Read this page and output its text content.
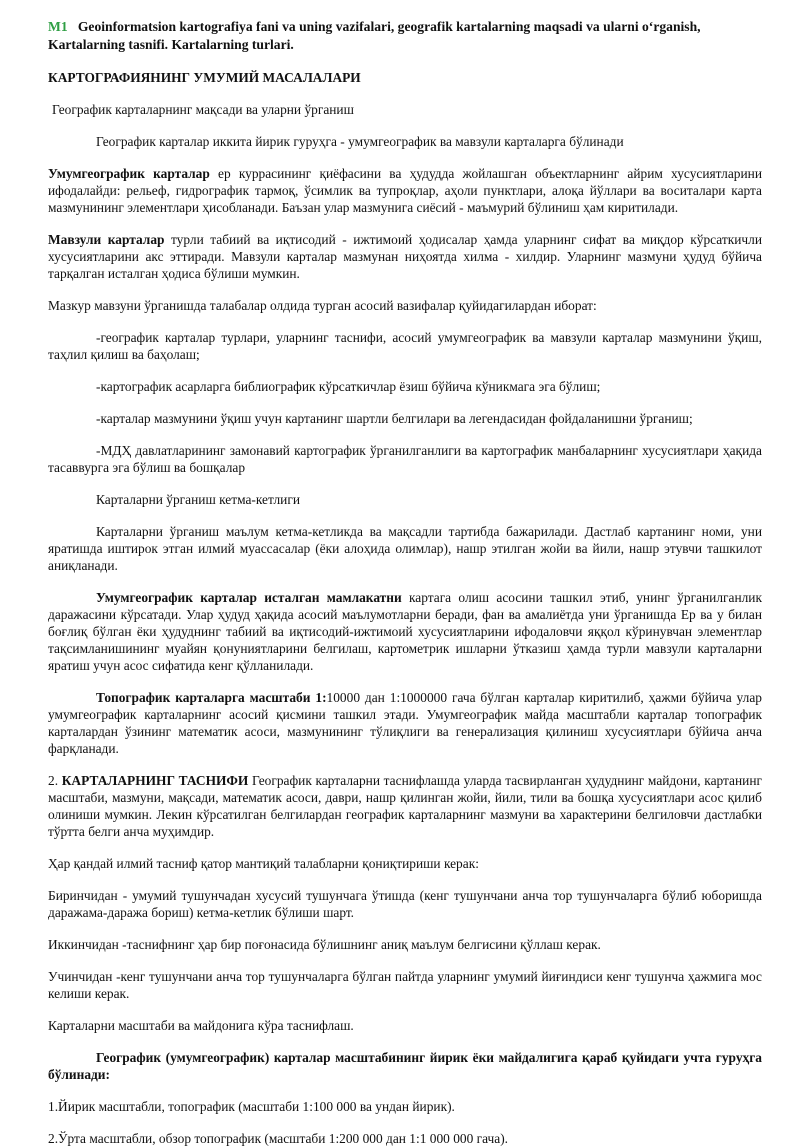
M1 Geoinformatsion kartografiya fani va uning vazifalari, geografik kartalarning maqsadi va ularni oʻrganish, Kartalarning tasnifi. Kartalarning turlari.

КАРТОГРАФИЯНИНГ УМУМИЙ МАСАЛАЛАРИ

Географик карталарнинг мақсади ва уларни ўрганиш

Географик карталар иккита йирик гуруҳга - умумгеографик ва мавзули карталарга бўлинади

Умумгеографик карталар ер куррасининг қиёфасини ва ҳудудда жойлашган объектларнинг айрим хусусиятларини ифодалайди: рельеф, гидрографик тармоқ, ўсимлик ва тупроқлар, аҳоли пунктлари, алоқа йўллари ва воситалари карта мазмунининг элементлари ҳисобланади. Баъзан улар мазмунига сиёсий - маъмурий бўлиниш ҳам киритилади.

Мавзули карталар турли табиий ва иқтисодий - ижтимоий ҳодисалар ҳамда уларнинг сифат ва миқдор кўрсаткичли хусусиятларини акс эттиради. Мавзули карталар мазмунан ниҳоятда хилма - хилдир. Уларнинг мазмуни ҳудуд бўйича тарқалган исталган ҳодиса бўлиши мумкин.

Мазкур мавзуни ўрганишда талабалар олдида турган асосий вазифалар қуйидагилардан иборат:

-географик карталар турлари, уларнинг таснифи, асосий умумгеографик ва мавзули карталар мазмунини ўқиш, таҳлил қилиш ва баҳолаш;

-картографик асарларга библиографик кўрсаткичлар ёзиш бўйича кўникмага эга бўлиш;

-карталар мазмунини ўқиш учун картанинг шартли белгилари ва легендасидан фойдаланишни ўрганиш;

-МДҲ давлатларининг замонавий картографик ўрганилганлиги ва картографик манбаларнинг хусусиятлари ҳақида тасаввурга эга бўлиш ва бошқалар

Карталарни ўрганиш кетма-кетлиги

Карталарни ўрганиш маълум кетма-кетликда ва мақсадли тартибда бажарилади. Дастлаб картанинг номи, уни яратишда иштирок этган илмий муассасалар (ёки алоҳида олимлар), нашр этилган жойи ва йили, нашр этувчи ташкилот аниқланади.

Умумгеографик карталар исталган мамлакатни картага олиш асосини ташкил этиб, унинг ўрганилганлик даражасини кўрсатади. Улар ҳудуд ҳақида асосий маълумотларни беради, фан ва амалиётда уни ўрганишда Ер ва у билан боғлиқ бўлган ёки ҳудуднинг табиий ва иқтисодий-ижтимоий хусусиятларини ифодаловчи яққол кўринувчан элементлар тақсимланишининг муайян қонуниятларини белгилаш, картометрик ишларни ўтказиш ҳамда турли мавзули карталарни яратиш учун асос сифатида кенг қўлланилади.

Топографик карталарга масштаби 1:10000 дан 1:1000000 гача бўлган карталар киритилиб, ҳажми бўйича улар умумгеографик карталарнинг асосий қисмини ташкил этади. Умумгеографик майда масштабли карталар топографик карталардан ўзининг математик асоси, мазмунининг тўлиқлиги ва генерализация қилиниш хусусиятлари бўйича анча фарқланади.

2. КАРТАЛАРНИНГ ТАСНИФИ Географик карталарни таснифлашда уларда тасвирланган ҳудуднинг майдони, картанинг масштаби, мазмуни, мақсади, математик асоси, даври, нашр қилинган жойи, йили, тили ва бошқа хусусиятлари асос қилиб олиниши мумкин. Лекин кўрсатилган белгилардан географик карталарнинг мазмуни ва характерини белгиловчи дастлабки тўртта белги анча муҳимдир.

Ҳар қандай илмий тасниф қатор мантиқий талабларни қониқтириши керак:

Биринчидан - умумий тушунчадан хусусий тушунчага ўтишда (кенг тушунчани анча тор тушунчаларга бўлиб юборишда даражама-даража бориш) кетма-кетлик бўлиши шарт.

Иккинчидан -таснифнинг ҳар бир поғонасида бўлишнинг аниқ маълум белгисини қўллаш керак.

Учинчидан -кенг тушунчани анча тор тушунчаларга бўлган пайтда уларнинг умумий йиғиндиси кенг тушунча ҳажмига мос келиши керак.

Карталарни масштаби ва майдонига кўра таснифлаш.

Географик (умумгеографик) карталар масштабининг йирик ёки майдалигига қараб қуйидаги учта гуруҳга бўлинади:

1.Йирик масштабли, топографик (масштаби 1:100 000 ва ундан йирик).

2.Ўрта масштабли, обзор топографик (масштаби 1:200 000 дан 1:1 000 000 гача).
